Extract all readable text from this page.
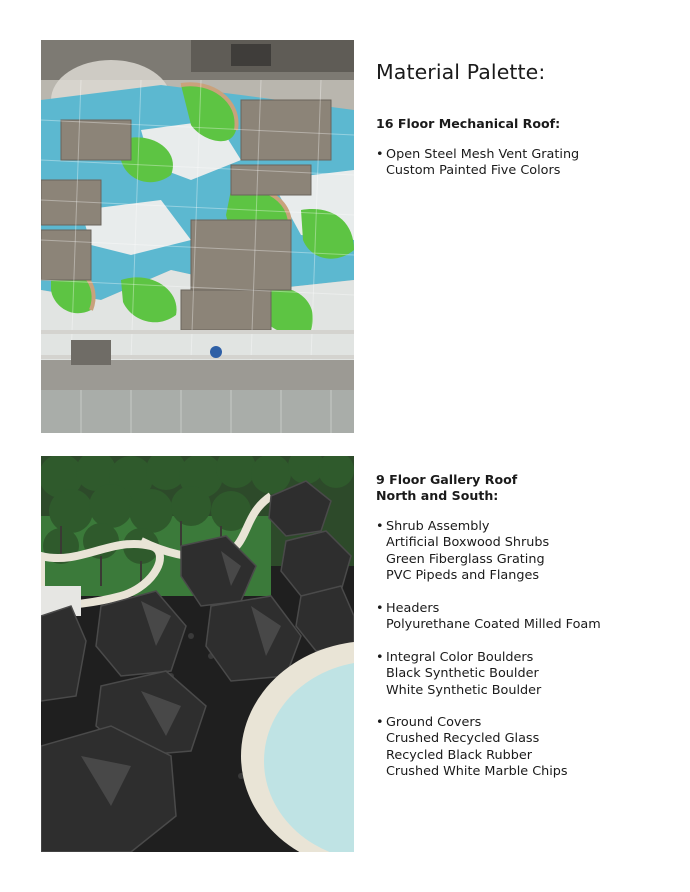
Material Palette:
16 Floor Mechanical Roof:
• Open Steel Mesh Vent Grating
Custom Painted Five Colors
9 Floor Gallery Roof
North and South:
• Shrub Assembly
Artificial Boxwood Shrubs
Green Fiberglass Grating
PVC Pipeds and Flanges
• Headers
Polyurethane Coated Milled Foam
• Integral Color Boulders
Black Synthetic Boulder
White Synthetic Boulder
• Ground Covers
Crushed Recycled Glass
Recycled Black Rubber
Crushed White Marble Chips
